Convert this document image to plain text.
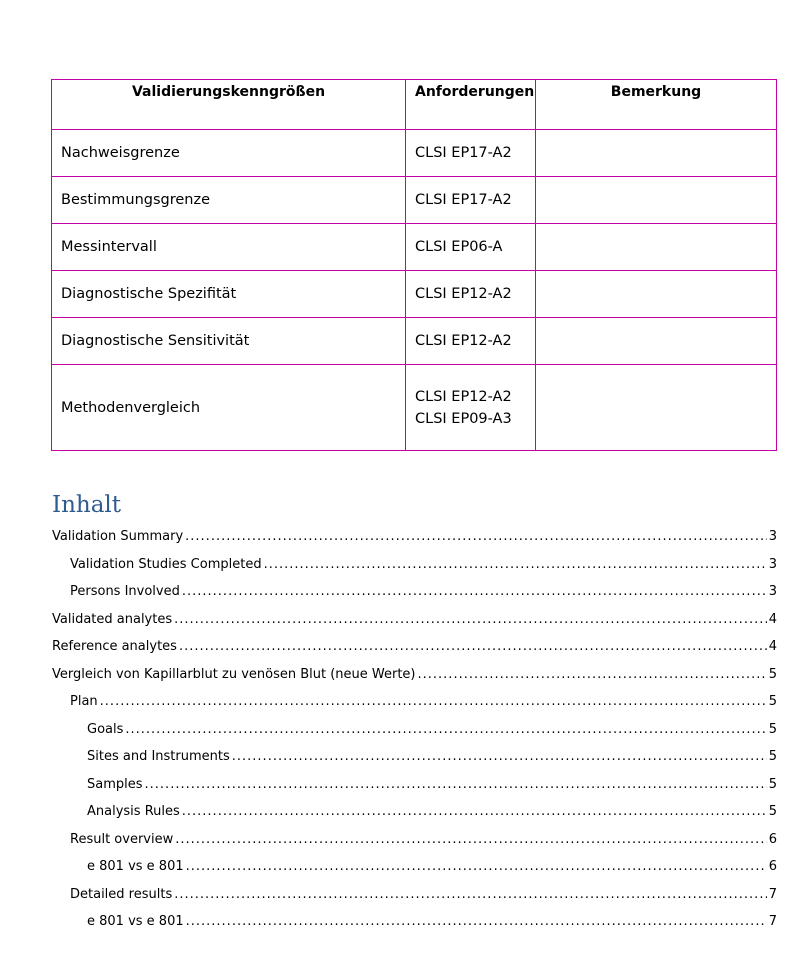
Validierungskenngrößen	Anforderungen	Bemerkung
Nachweisgrenze	CLSI EP17-A2	

Bestimmungsgrenze	CLSI EP17-A2	

Messintervall	CLSI EP06-A	

Diagnostische Spezifität	CLSI EP12-A2	

Diagnostische Sensitivität	CLSI EP12-A2	

Methodenvergleich	CLSI EP12-A2
CLSI EP09-A3	

Inhalt
Validation Summary .....	3
Validation Studies Completed .....	3
Persons Involved .....	3
Validated analytes .....	4
Reference analytes .....	4
Vergleich von Kapillarblut zu venösen Blut (neue Werte) .....	5
Plan .....	5
Goals .....	5
Sites and Instruments .....	5
Samples .....	5
Analysis Rules .....	5
Result overview .....	6
e 801 vs e 801 .....	6
Detailed results .....	7
e 801 vs e 801 .....	7
